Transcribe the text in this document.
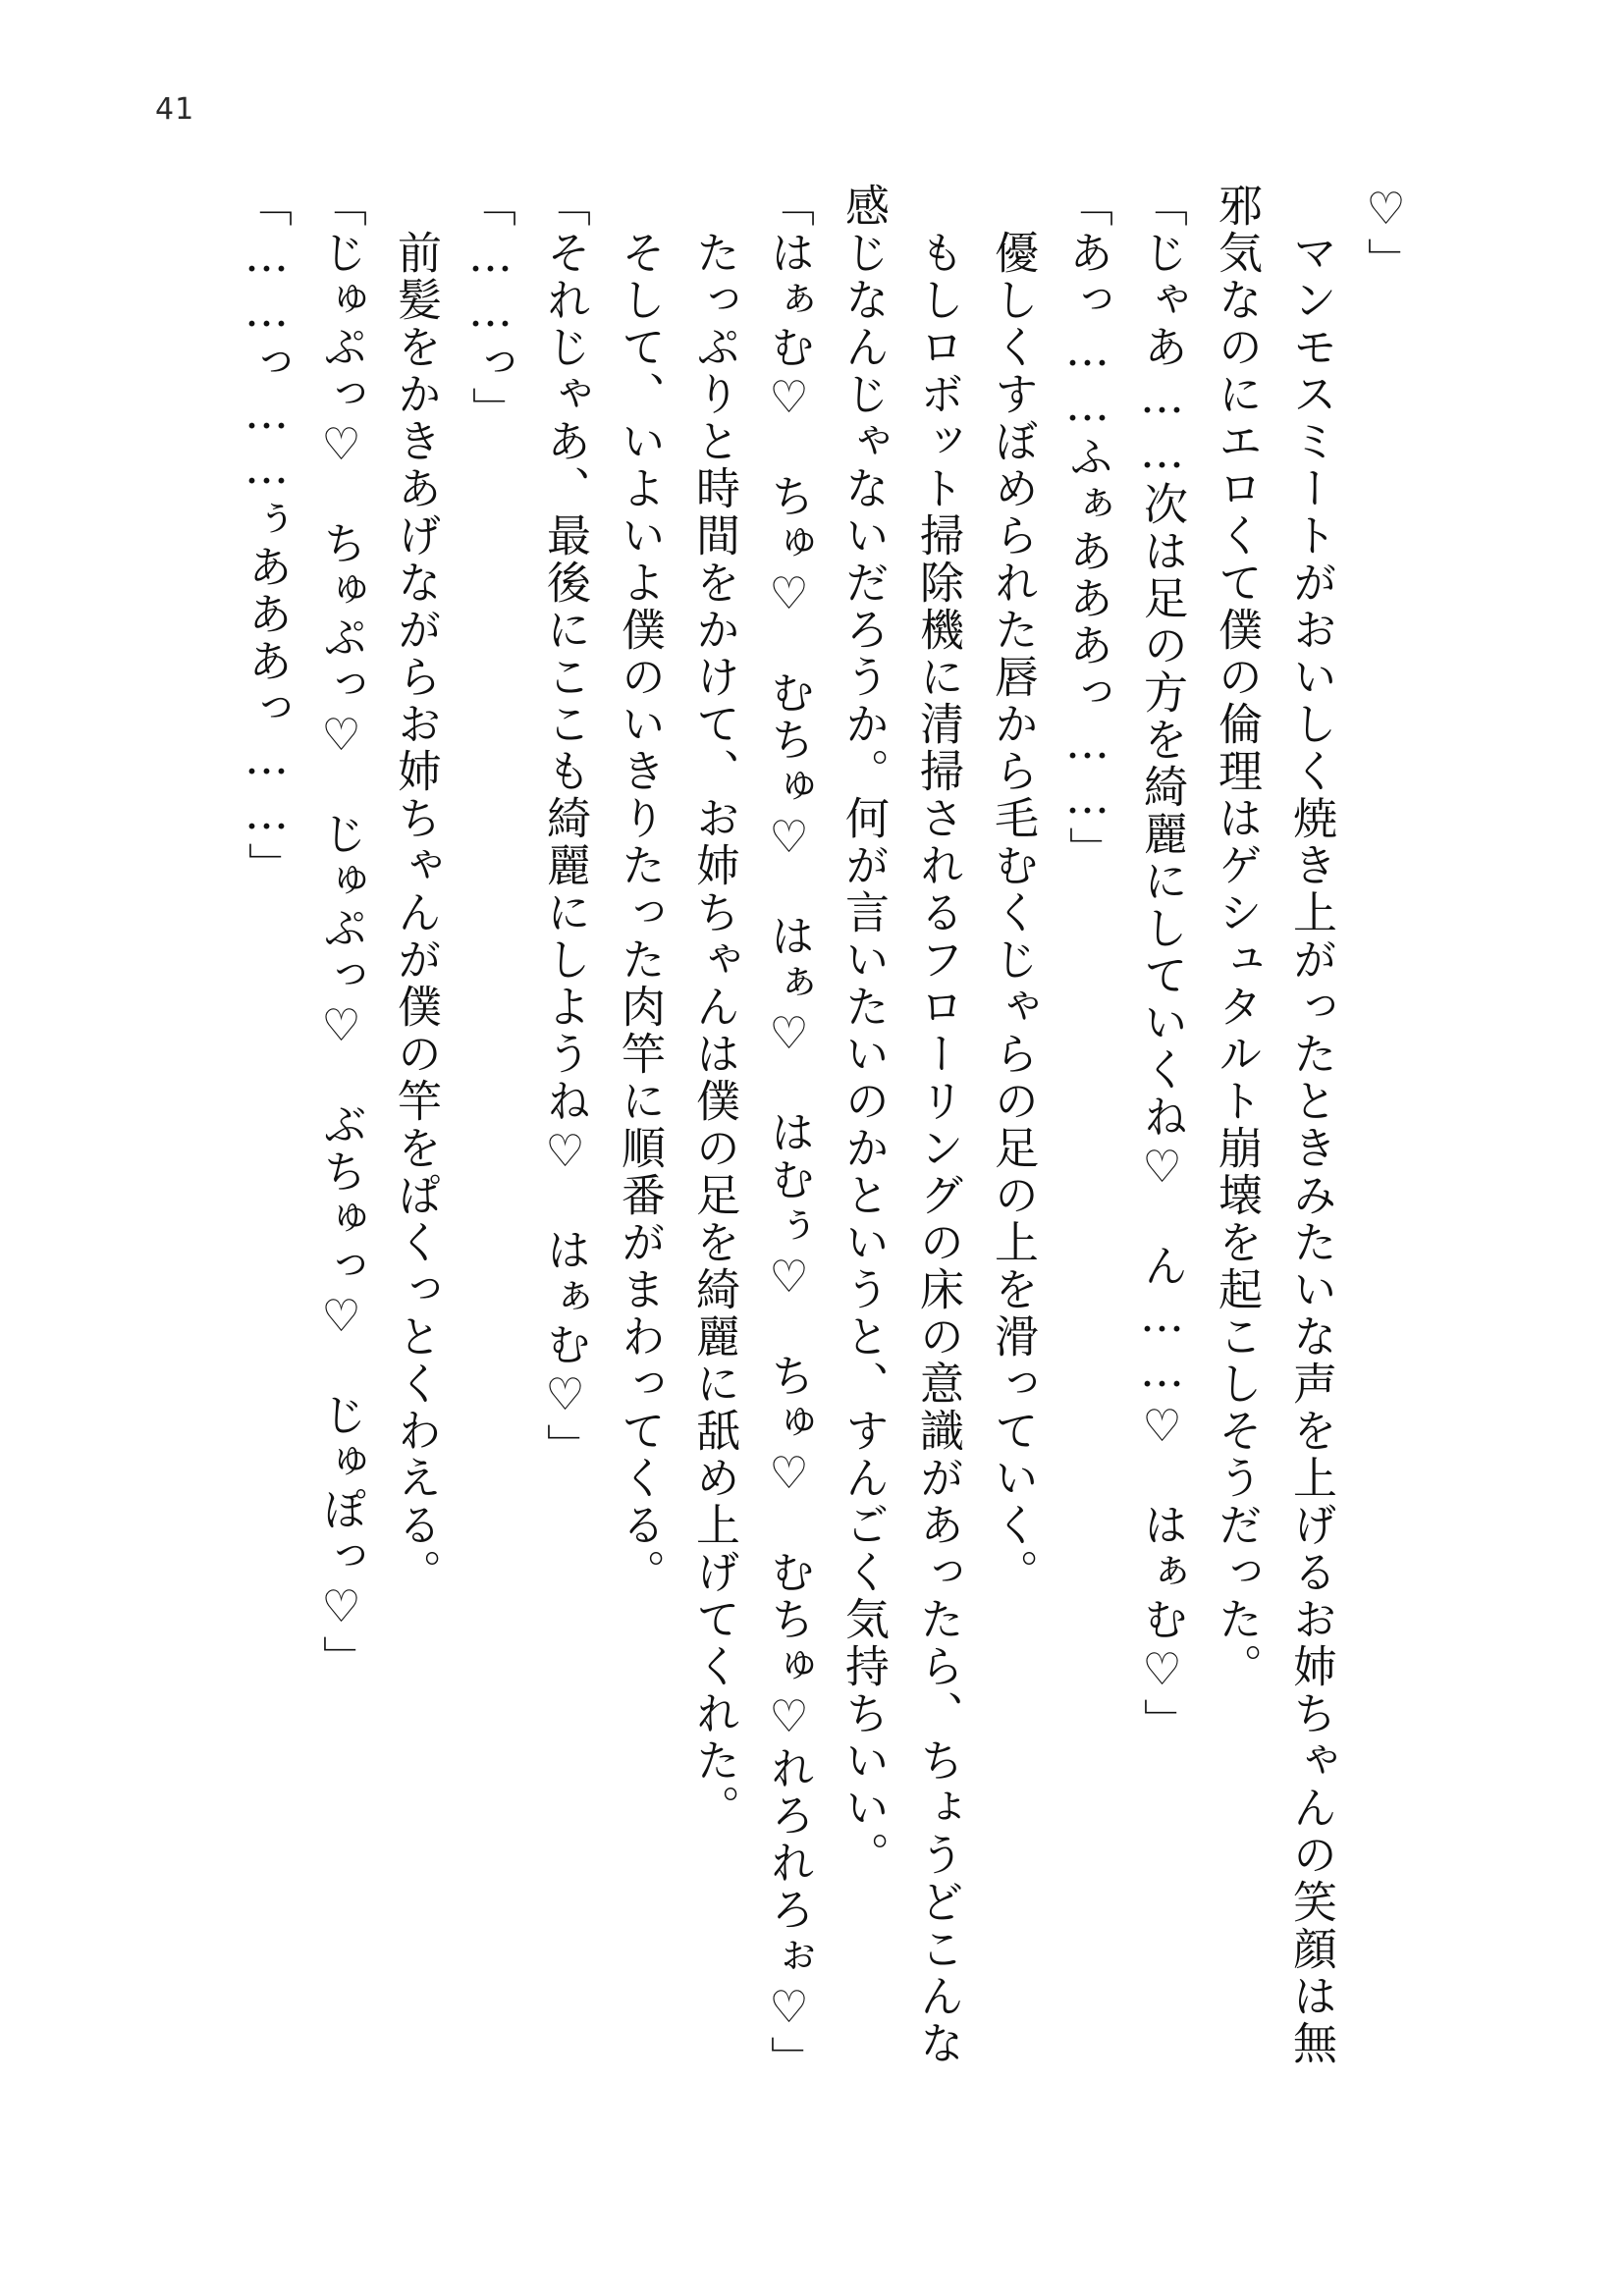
41
♡」
　マンモスミートがおいしく焼き上がったときみたいな声を上げるお姉ちゃんの笑顔は無
邪気なのにエロくて僕の倫理はゲシュタルト崩壊を起こしそうだった。
「じゃあ……次は足の方を綺麗にしていくね♡　ん……♡　はぁむ♡」
「あっ……ふぁあああっ……」
　優しくすぼめられた唇から毛むくじゃらの足の上を滑っていく。
　もしロボット掃除機に清掃されるフローリングの床の意識があったら、ちょうどこんな
感じなんじゃないだろうか。何が言いたいのかというと、すんごく気持ちいい。
「はぁむ♡　ちゅ♡　むちゅ♡　はぁ♡　はむぅ♡　ちゅ♡　むちゅ♡れろれろぉ♡」
　たっぷりと時間をかけて、お姉ちゃんは僕の足を綺麗に舐め上げてくれた。
　そして、いよいよ僕のいきりたった肉竿に順番がまわってくる。
「それじゃあ、最後にここも綺麗にしようね♡　はぁむ♡」
「……っ」
　前髪をかきあげながらお姉ちゃんが僕の竿をぱくっとくわえる。
「じゅぷっ♡　ちゅぷっ♡　じゅぷっ♡　ぶちゅっ♡　じゅぽっ♡」
「……っ……ぅあああっ……」
